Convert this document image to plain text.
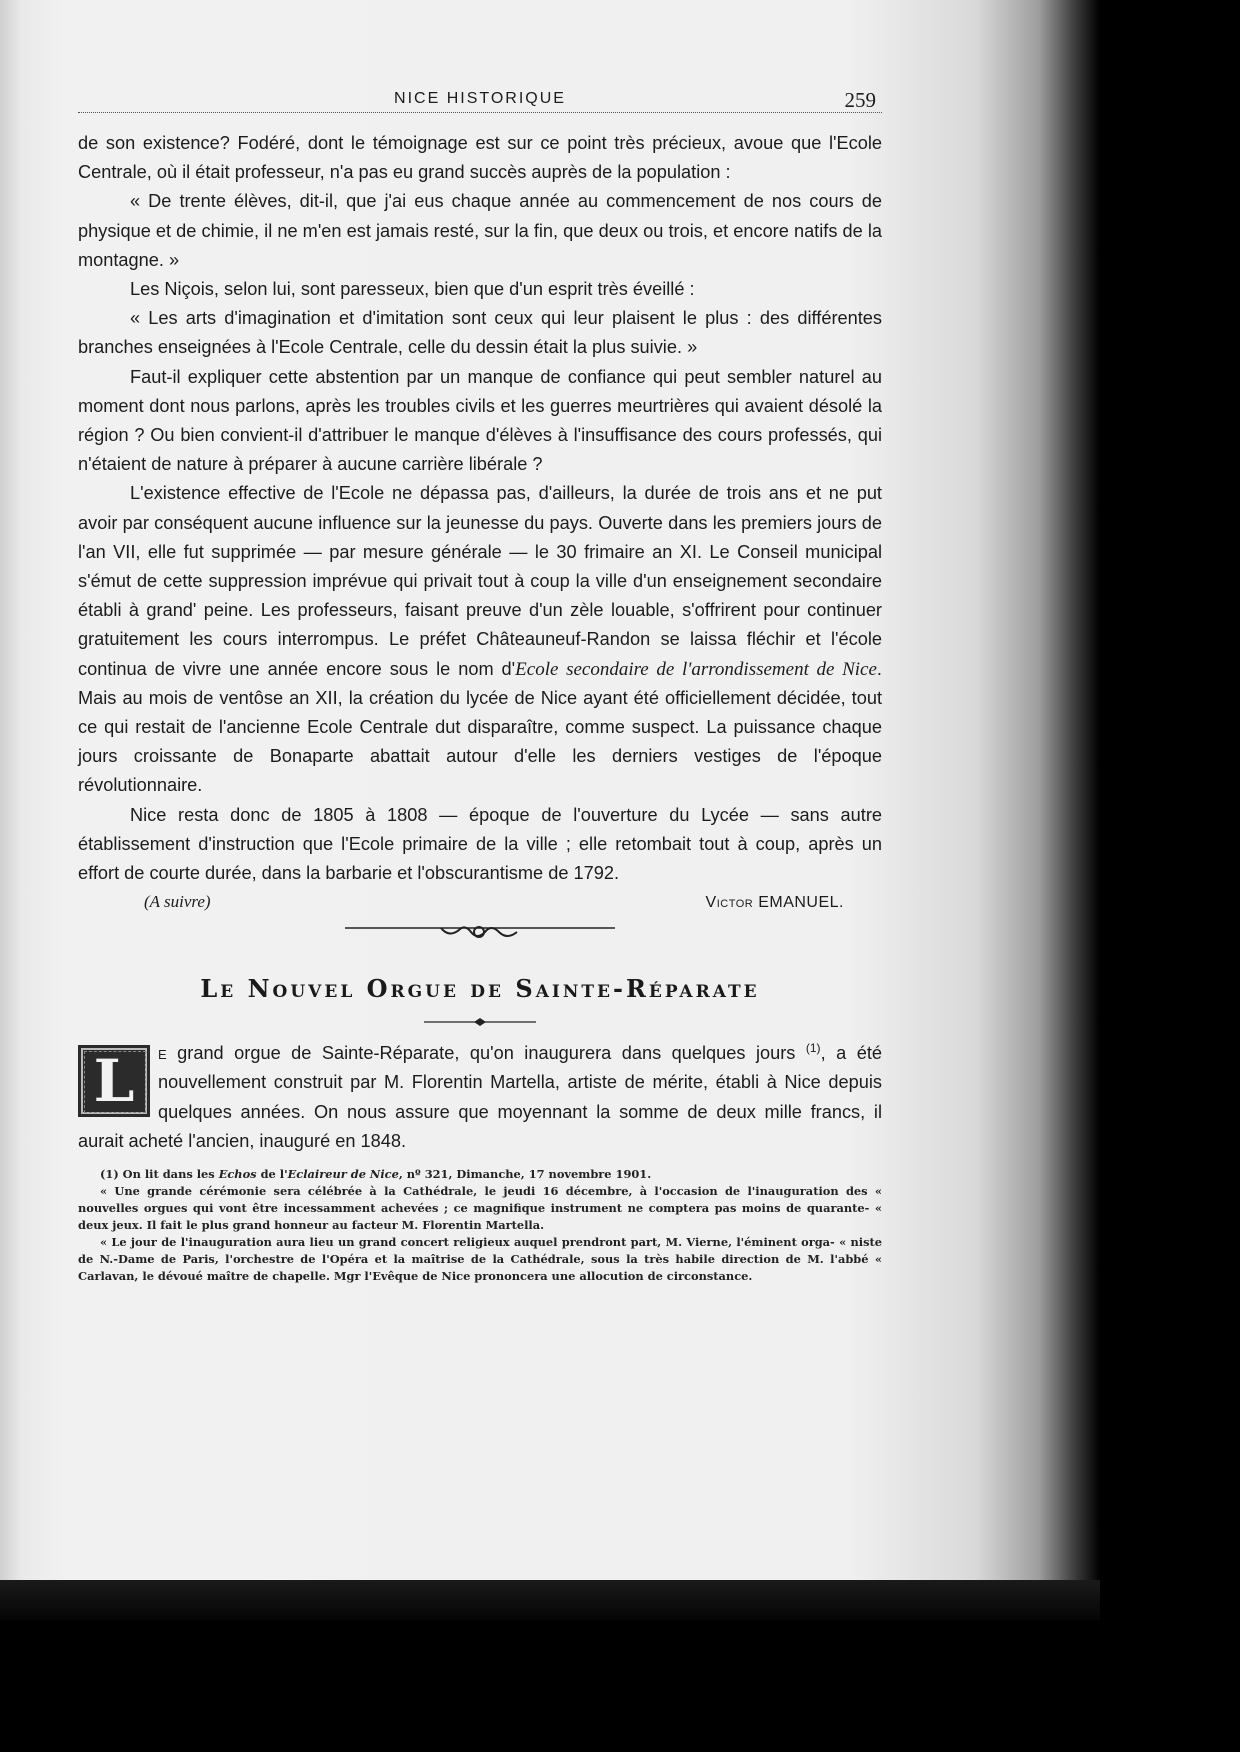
NICE HISTORIQUE	259

de son existence? Fodéré, dont le témoignage est sur ce point très précieux, avoue que l'Ecole Centrale, où il était professeur, n'a pas eu grand succès auprès de la population :

« De trente élèves, dit-il, que j'ai eus chaque année au commencement de nos cours de physique et de chimie, il ne m'en est jamais resté, sur la fin, que deux ou trois, et encore natifs de la montagne. »

Les Niçois, selon lui, sont paresseux, bien que d'un esprit très éveillé :

« Les arts d'imagination et d'imitation sont ceux qui leur plaisent le plus : des différentes branches enseignées à l'Ecole Centrale, celle du dessin était la plus suivie. »

Faut-il expliquer cette abstention par un manque de confiance qui peut sembler naturel au moment dont nous parlons, après les troubles civils et les guerres meurtrières qui avaient désolé la région ? Ou bien convient-il d'attribuer le manque d'élèves à l'insuffisance des cours professés, qui n'étaient de nature à préparer à aucune carrière libérale ?

L'existence effective de l'Ecole ne dépassa pas, d'ailleurs, la durée de trois ans et ne put avoir par conséquent aucune influence sur la jeunesse du pays. Ouverte dans les premiers jours de l'an VII, elle fut supprimée — par mesure générale — le 30 frimaire an XI. Le Conseil municipal s'émut de cette suppression imprévue qui privait tout à coup la ville d'un enseignement secondaire établi à grand' peine. Les professeurs, faisant preuve d'un zèle louable, s'offrirent pour continuer gratuitement les cours interrompus. Le préfet Châteauneuf-Randon se laissa fléchir et l'école continua de vivre une année encore sous le nom d'Ecole secondaire de l'arrondissement de Nice. Mais au mois de ventôse an XII, la création du lycée de Nice ayant été officiellement décidée, tout ce qui restait de l'ancienne Ecole Centrale dut disparaître, comme suspect. La puissance chaque jours croissante de Bonaparte abattait autour d'elle les derniers vestiges de l'époque révolutionnaire.

Nice resta donc de 1805 à 1808 — époque de l'ouverture du Lycée — sans autre établissement d'instruction que l'Ecole primaire de la ville ; elle retombait tout à coup, après un effort de courte durée, dans la barbarie et l'obscurantisme de 1792.

(A suivre)	Victor EMANUEL.
Le Nouvel Orgue de Sainte-Réparate
L e grand orgue de Sainte-Réparate, qu'on inaugurera dans quelques jours $^{(1)}$, a été nouvellement construit par M. Florentin Martella, artiste de mérite, établi à Nice depuis quelques années. On nous assure que moyennant la somme de deux mille francs, il aurait acheté l'ancien, inauguré en 1848.

(1) On lit dans les Echos de l'Eclaireur de Nice, nº 321, Dimanche, 17 novembre 1901.

« Une grande cérémonie sera célébrée à la Cathédrale, le jeudi 16 décembre, à l'occasion de l'inauguration des « nouvelles orgues qui vont être incessamment achevées ; ce magnifique instrument ne comptera pas moins de quarante- « deux jeux. Il fait le plus grand honneur au facteur M. Florentin Martella.

« Le jour de l'inauguration aura lieu un grand concert religieux auquel prendront part, M. Vierne, l'éminent orga- « niste de N.-Dame de Paris, l'orchestre de l'Opéra et la maîtrise de la Cathédrale, sous la très habile direction de M. l'abbé « Carlavan, le dévoué maître de chapelle. Mgr l'Evêque de Nice prononcera une allocution de circonstance.
